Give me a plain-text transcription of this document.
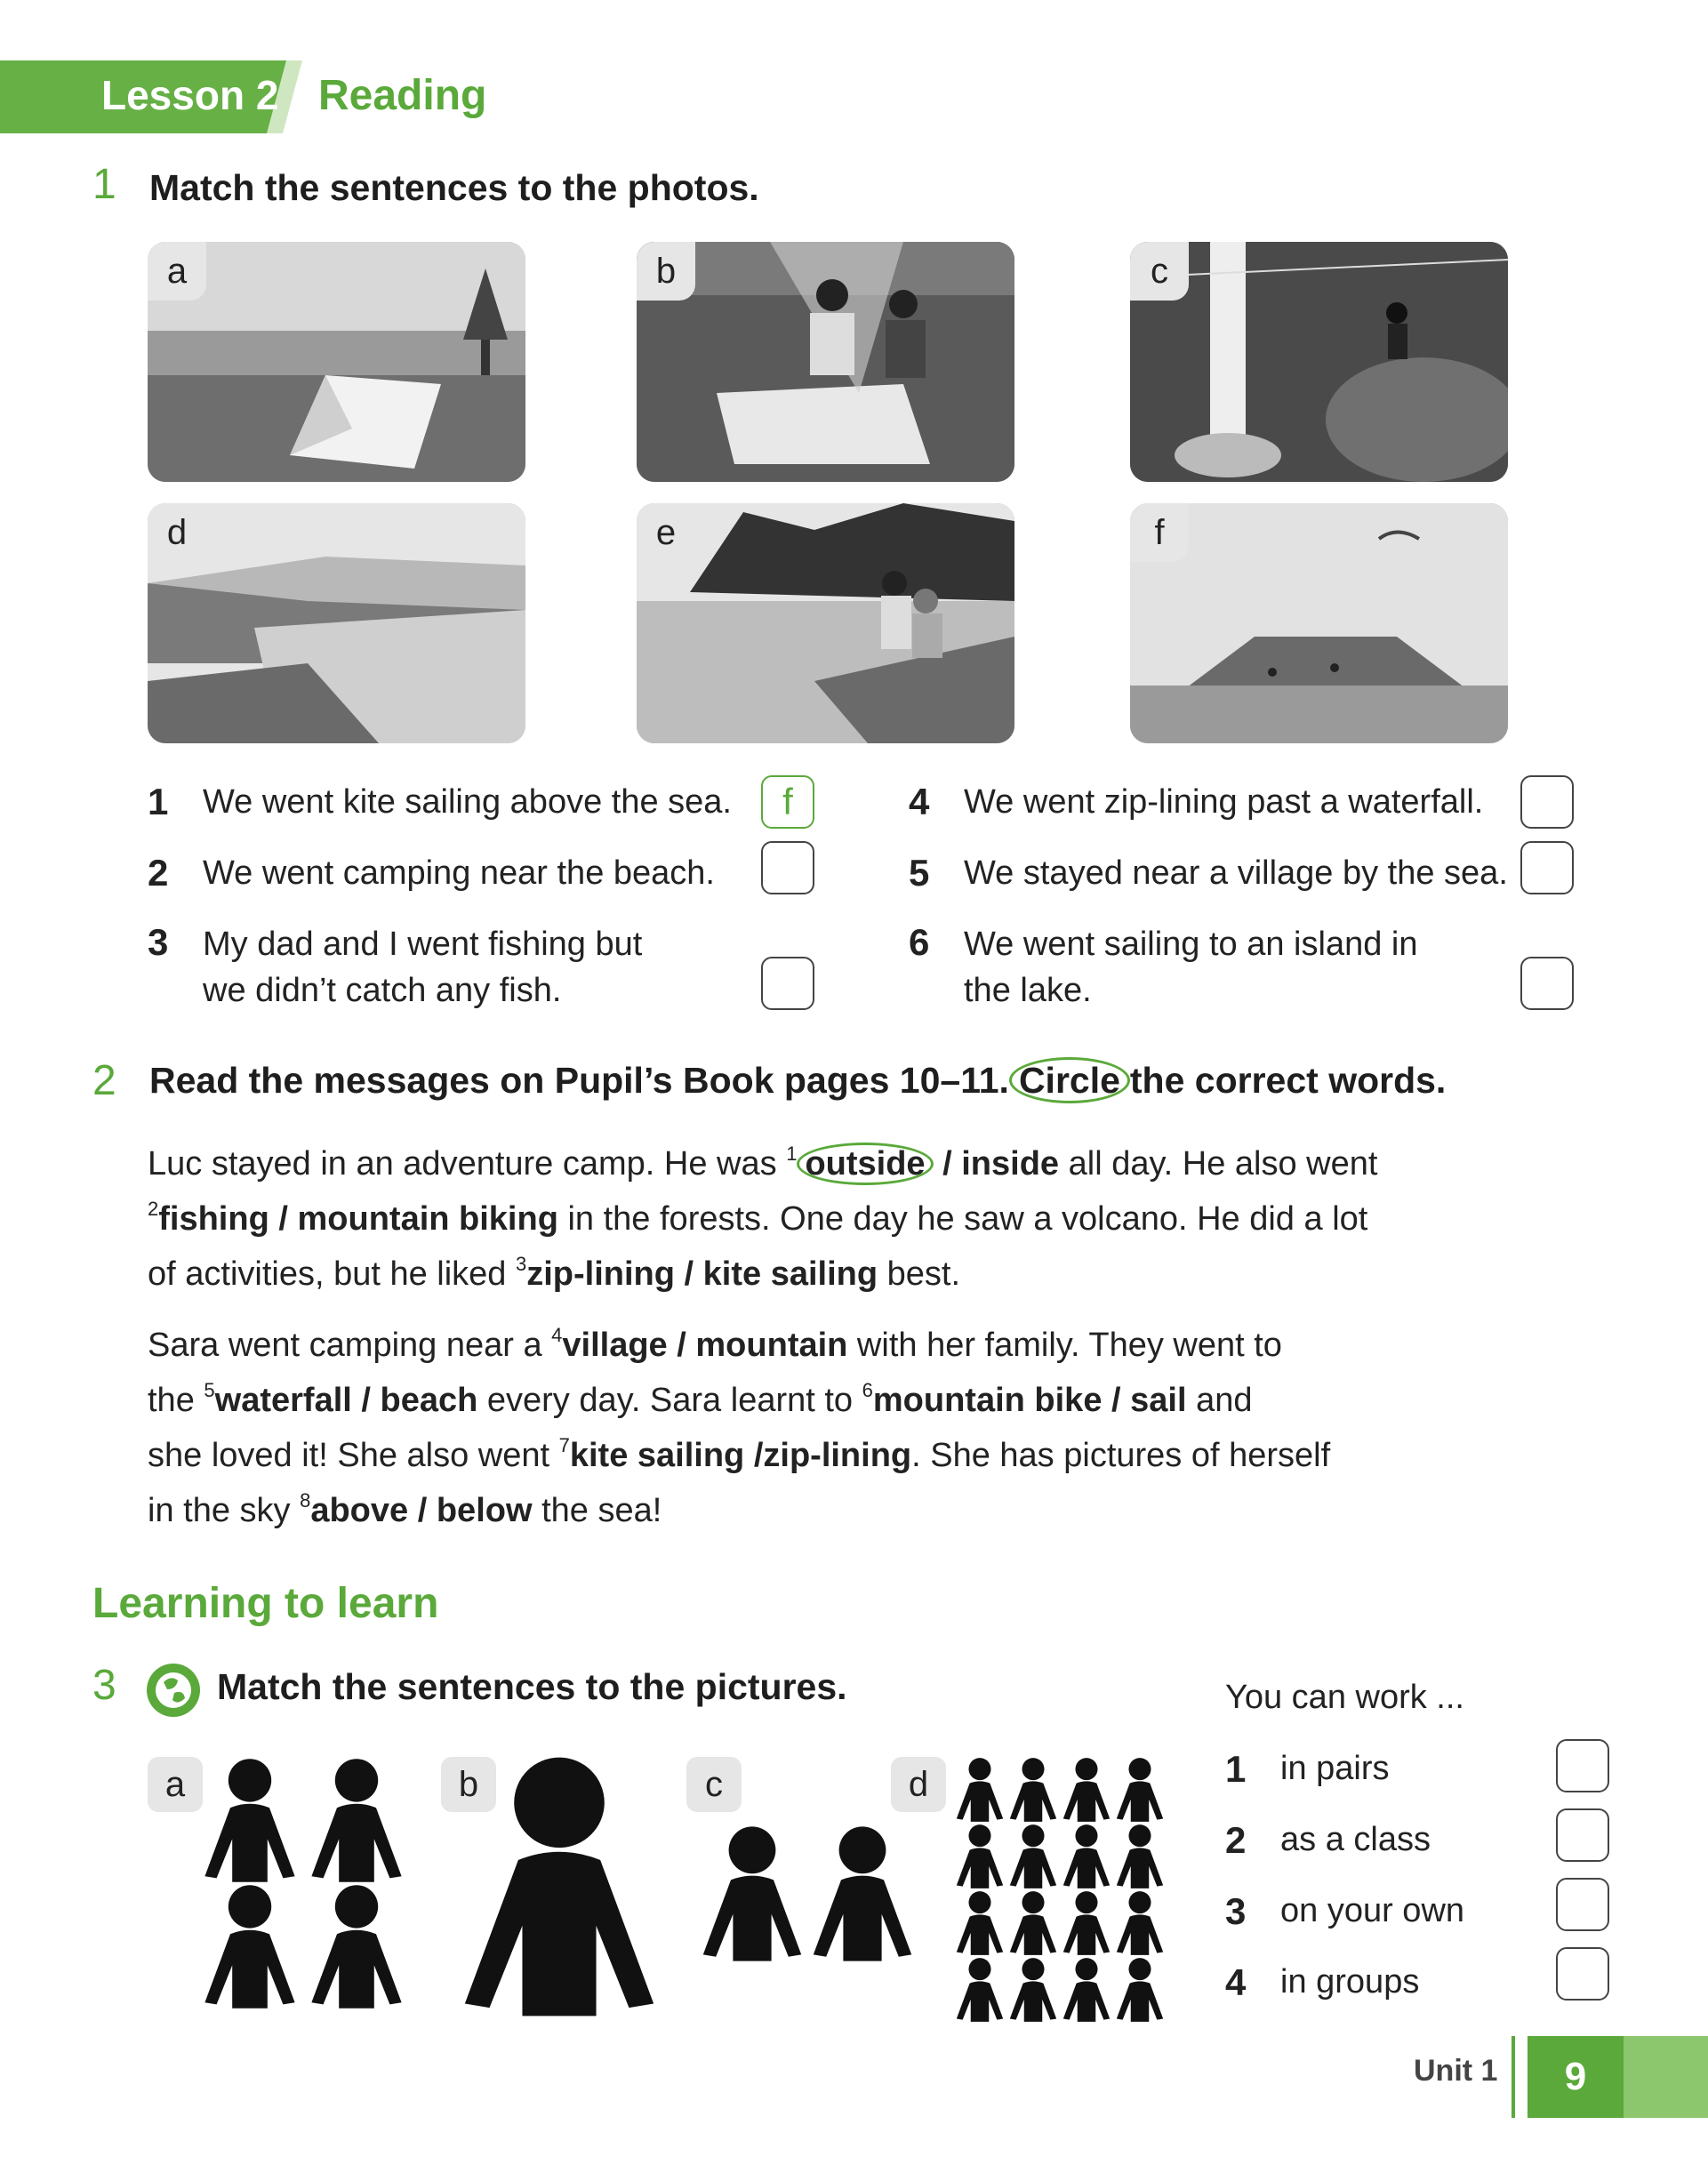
Lesson 2 Reading
1 Match the sentences to the photos.
a	b	c
d	e	f
1 We went kite sailing above the sea.	f
2 We went camping near the beach.
3 My dad and I went fishing but
we didn’t catch any fish.
4 We went zip-lining past a waterfall.
5 We stayed near a village by the sea.
6 We went sailing to an island in
the lake.
2 Read the messages on Pupil’s Book pages 10–11. Circle the correct words.
Luc stayed in an adventure camp. He was $^1$ outside / inside all day. He also went
$^2$fishing / mountain biking in the forests. One day he saw a volcano. He did a lot
of activities, but he liked $^3$zip-lining / kite sailing best.
Sara went camping near a $^4$village / mountain with her family. They went to
the $^5$waterfall / beach every day. Sara learnt to $^6$mountain bike / sail and
she loved it! She also went $^7$kite sailing /zip-lining. She has pictures of herself
in the sky $^8$above / below the sea!
Learning to learn
3	Match the sentences to the pictures.
a	b	c	d
You can work ...
1 in pairs
2 as a class
3 on your own
4 in groups
Unit 1	9
